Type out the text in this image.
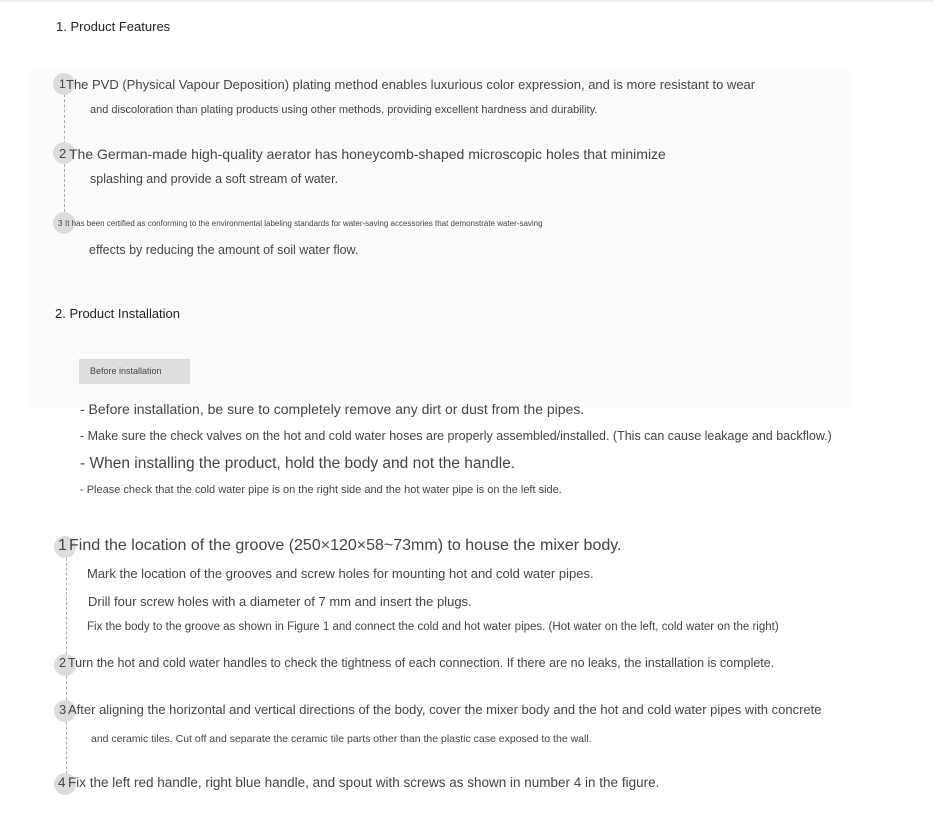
1. Product Features
1 The PVD (Physical Vapour Deposition) plating method enables luxurious color expression, and is more resistant to wear
and discoloration than plating products using other methods, providing excellent hardness and durability.
2 The German-made high-quality aerator has honeycomb-shaped microscopic holes that minimize
splashing and provide a soft stream of water.
3 It has been certified as conforming to the environmental labeling standards for water-saving accessories that demonstrate water-saving
effects by reducing the amount of soil water flow.
2. Product Installation
Before installation
- Before installation, be sure to completely remove any dirt or dust from the pipes.
- Make sure the check valves on the hot and cold water hoses are properly assembled/installed. (This can cause leakage and backflow.)
- When installing the product, hold the body and not the handle.
- Please check that the cold water pipe is on the right side and the hot water pipe is on the left side.
1 Find the location of the groove (250×120×58~73mm) to house the mixer body.
Mark the location of the grooves and screw holes for mounting hot and cold water pipes.
Drill four screw holes with a diameter of 7 mm and insert the plugs.
Fix the body to the groove as shown in Figure 1 and connect the cold and hot water pipes. (Hot water on the left, cold water on the right)
2 Turn the hot and cold water handles to check the tightness of each connection. If there are no leaks, the installation is complete.
3 After aligning the horizontal and vertical directions of the body, cover the mixer body and the hot and cold water pipes with concrete
and ceramic tiles. Cut off and separate the ceramic tile parts other than the plastic case exposed to the wall.
4 Fix the left red handle, right blue handle, and spout with screws as shown in number 4 in the figure.
